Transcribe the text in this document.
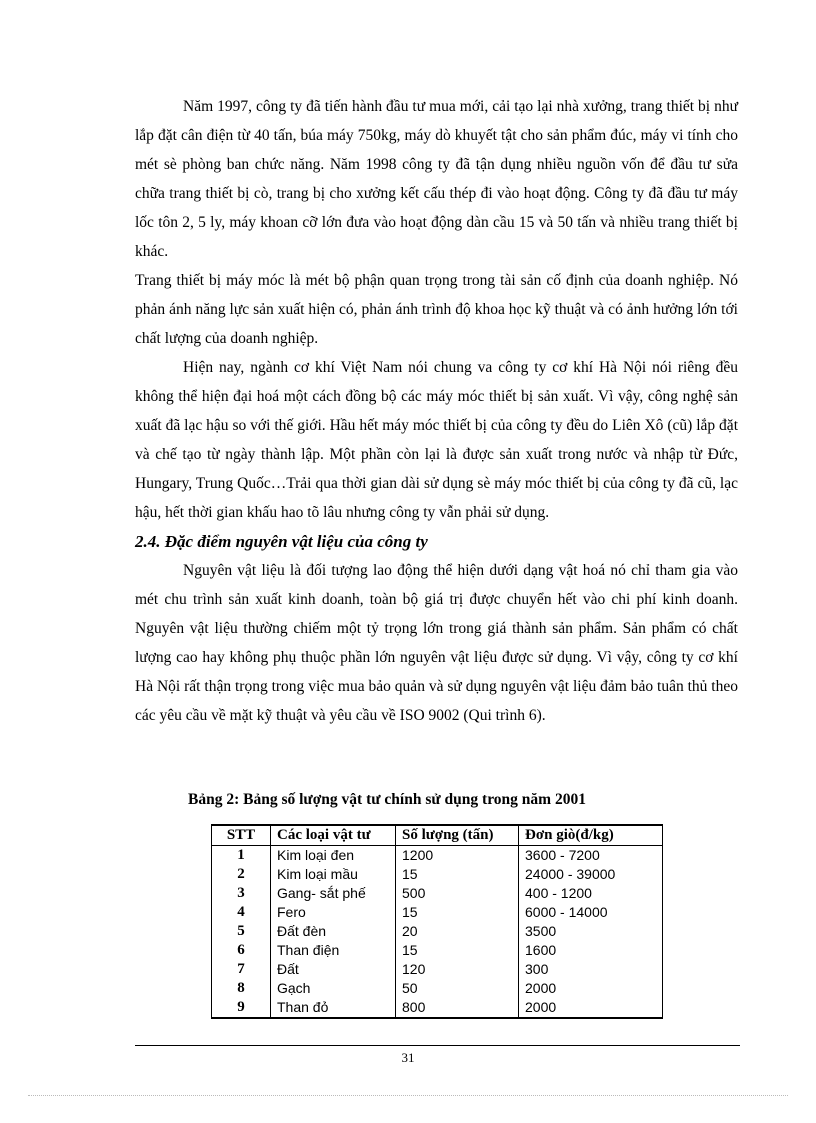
Năm 1997, công ty đã tiến hành đầu tư mua mới, cải tạo lại nhà xưởng, trang thiết bị như lắp đặt cân điện từ 40 tấn, búa máy 750kg, máy dò khuyết tật cho sản phẩm đúc, máy vi tính cho mét sè phòng ban chức năng. Năm 1998 công ty đã tận dụng nhiều nguồn vốn để đầu tư sửa chữa trang thiết bị cò, trang bị cho xưởng kết cấu thép đi vào hoạt động. Công ty đã đầu tư máy lốc tôn 2, 5 ly, máy khoan cỡ lớn đưa vào hoạt động dàn cầu 15 và 50 tấn và nhiều trang thiết bị khác.

Trang thiết bị máy móc là mét bộ phận quan trọng trong tài sản cố định của doanh nghiệp. Nó phản ánh năng lực sản xuất hiện có, phản ánh trình độ khoa học kỹ thuật và có ảnh hưởng lớn tới chất lượng của doanh nghiệp.

Hiện nay, ngành cơ khí Việt Nam nói chung va công ty cơ khí Hà Nội nói riêng đều không thể hiện đại hoá một cách đồng bộ các máy móc thiết bị sản xuất. Vì vậy, công nghệ sản xuất đã lạc hậu so với thế giới. Hầu hết máy móc thiết bị của công ty đều do Liên Xô (cũ) lắp đặt và chế tạo từ ngày thành lập. Một phần còn lại là được sản xuất trong nước và nhập từ Đức, Hungary, Trung Quốc…Trải qua thời gian dài sử dụng sè máy móc thiết bị của công ty đã cũ, lạc hậu, hết thời gian khấu hao tõ lâu nhưng công ty vẫn phải sử dụng.

2.4. Đặc điểm nguyên vật liệu của công ty

Nguyên vật liệu là đối tượng lao động thể hiện dưới dạng vật hoá nó chỉ tham gia vào mét chu trình sản xuất kinh doanh, toàn bộ giá trị được chuyển hết vào chi phí kinh doanh. Nguyên vật liệu thường chiếm một tỷ trọng lớn trong giá thành sản phẩm. Sản phẩm có chất lượng cao hay không phụ thuộc phần lớn nguyên vật liệu được sử dụng. Vì vậy, công ty cơ khí Hà Nội rất thận trọng trong việc mua bảo quản và sử dụng nguyên vật liệu đảm bảo tuân thủ theo các yêu cầu về mặt kỹ thuật và yêu cầu về ISO 9002 (Qui trình 6).

Bảng 2: Bảng số lượng vật tư chính sử dụng trong năm 2001
STT	Các loại vật tư	Số lượng (tấn)	Đơn giò(đ/kg)
1	Kim loại đen	1200	3600 - 7200
2	Kim loại mầu	15	24000 - 39000
3	Gang- sắt phế	500	400 - 1200
4	Fero	15	6000 - 14000
5	Đất đèn	20	3500
6	Than điện	15	1600
7	Đất	120	300
8	Gạch	50	2000
9	Than đỏ	800	2000
31
